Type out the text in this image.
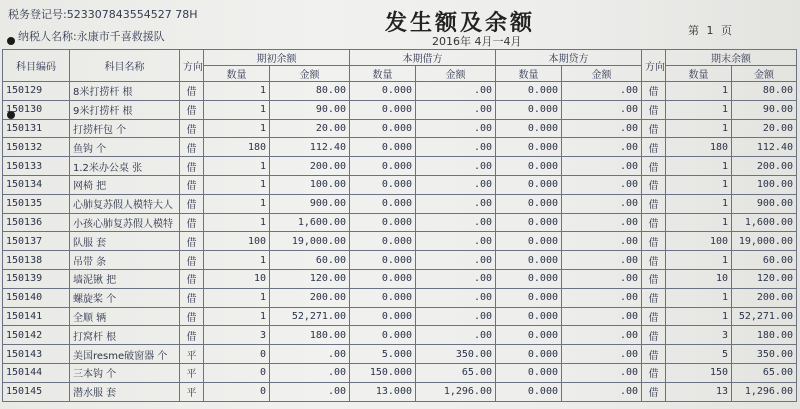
税务登记号:523307843554527 78H
纳税人名称:永康市千喜救援队
发生额及余额
2016年 4月一4月
第 1 页
科目编码	科目名称	方向	期初余额		本期借方		本期贷方		方向	期末余额	
			数量	金额	数量	金额	数量	金额		数量	金额
150129	8米打捞杆 根	借	1	80.00	0.000	.00	0.000	.00	借	1	80.00
150130	9米打捞杆 根	借	1	90.00	0.000	.00	0.000	.00	借	1	90.00
150131	打捞杆包 个	借	1	20.00	0.000	.00	0.000	.00	借	1	20.00
150132	鱼钩 个	借	180	112.40	0.000	.00	0.000	.00	借	180	112.40
150133	1.2米办公桌 张	借	1	200.00	0.000	.00	0.000	.00	借	1	200.00
150134	网椅 把	借	1	100.00	0.000	.00	0.000	.00	借	1	100.00
150135	心肺复苏假人模特大人	借	1	900.00	0.000	.00	0.000	.00	借	1	900.00
150136	小孩心肺复苏假人模特	借	1	1,600.00	0.000	.00	0.000	.00	借	1	1,600.00
150137	队服 套	借	100	19,000.00	0.000	.00	0.000	.00	借	100	19,000.00
150138	吊带 条	借	1	60.00	0.000	.00	0.000	.00	借	1	60.00
150139	墙泥锹 把	借	10	120.00	0.000	.00	0.000	.00	借	10	120.00
150140	螺旋桨 个	借	1	200.00	0.000	.00	0.000	.00	借	1	200.00
150141	全顺 辆	借	1	52,271.00	0.000	.00	0.000	.00	借	1	52,271.00
150142	打窝杆 根	借	3	180.00	0.000	.00	0.000	.00	借	3	180.00
150143	美国resme破窗器 个	平	0	.00	5.000	350.00	0.000	.00	借	5	350.00
150144	三本钩 个	平	0	.00	150.000	65.00	0.000	.00	借	150	65.00
150145	潜水服 套	平	0	.00	13.000	1,296.00	0.000	.00	借	13	1,296.00
